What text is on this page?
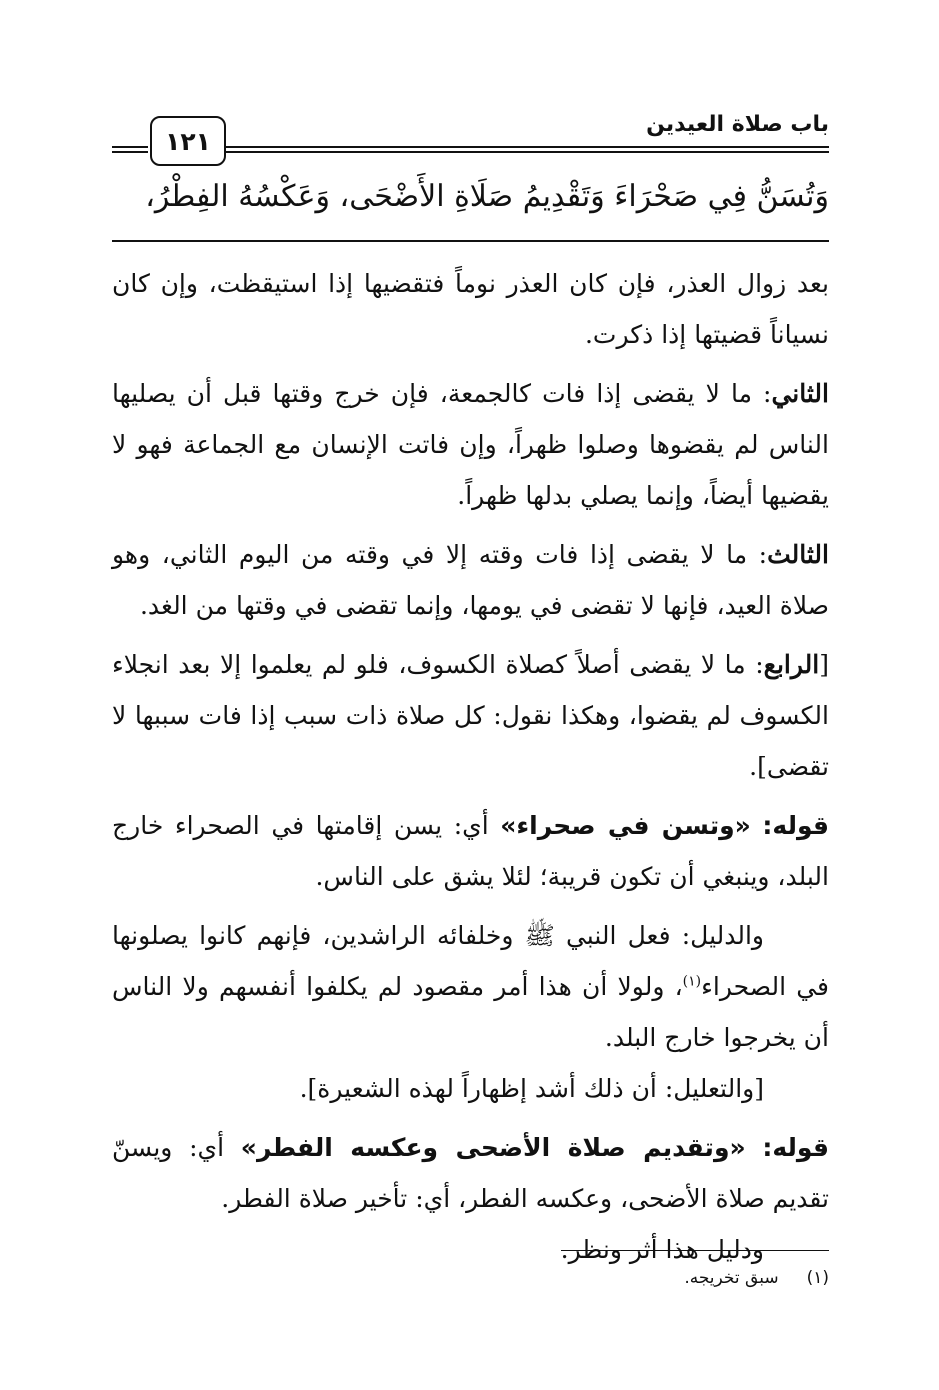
باب صلاة العيدين
١٢١
وَتُسَنُّ فِي صَحْرَاءَ وَتَقْدِيمُ صَلَاةِ الأَضْحَى، وَعَكْسُهُ الفِطْرُ،

بعد زوال العذر، فإن كان العذر نوماً فتقضيها إذا استيقظت، وإن كان نسياناً قضيتها إذا ذكرت.

الثاني: ما لا يقضى إذا فات كالجمعة، فإن خرج وقتها قبل أن يصليها الناس لم يقضوها وصلوا ظهراً، وإن فاتت الإنسان مع الجماعة فهو لا يقضيها أيضاً، وإنما يصلي بدلها ظهراً.

الثالث: ما لا يقضى إذا فات وقته إلا في وقته من اليوم الثاني، وهو صلاة العيد، فإنها لا تقضى في يومها، وإنما تقضى في وقتها من الغد.

[الرابع: ما لا يقضى أصلاً كصلاة الكسوف، فلو لم يعلموا إلا بعد انجلاء الكسوف لم يقضوا، وهكذا نقول: كل صلاة ذات سبب إذا فات سببها لا تقضى].

قوله: «وتسن في صحراء» أي: يسن إقامتها في الصحراء خارج البلد، وينبغي أن تكون قريبة؛ لئلا يشق على الناس.

والدليل: فعل النبي ﷺ وخلفائه الراشدين، فإنهم كانوا يصلونها في الصحراء$^{(١)}$، ولولا أن هذا أمر مقصود لم يكلفوا أنفسهم ولا الناس أن يخرجوا خارج البلد.

[والتعليل: أن ذلك أشد إظهاراً لهذه الشعيرة].

قوله: «وتقديم صلاة الأضحى وعكسه الفطر» أي: ويسنّ تقديم صلاة الأضحى، وعكسه الفطر، أي: تأخير صلاة الفطر.

ودليل هذا أثر ونظر.

(١)سبق تخريجه.
